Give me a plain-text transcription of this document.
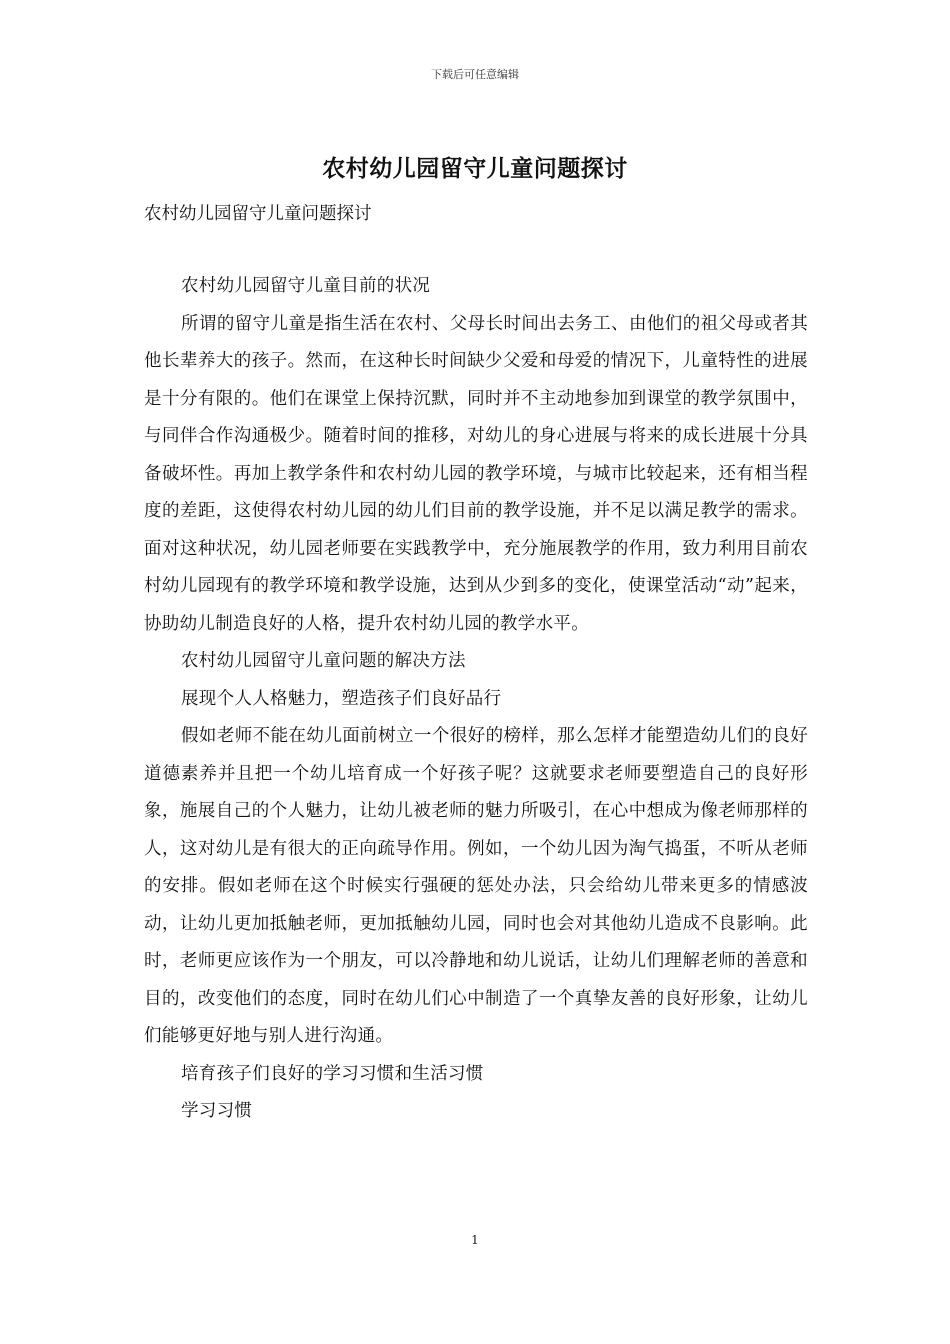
下载后可任意编辑
农村幼儿园留守儿童问题探讨

农村幼儿园留守儿童问题探讨

农村幼儿园留守儿童目前的状况

所谓的留守儿童是指生活在农村、父母长时间出去务工、由他们的祖父母或者其他长辈养大的孩子。然而，在这种长时间缺少父爱和母爱的情况下，儿童特性的进展是十分有限的。他们在课堂上保持沉默，同时并不主动地参加到课堂的教学氛围中，与同伴合作沟通极少。随着时间的推移，对幼儿的身心进展与将来的成长进展十分具备破坏性。再加上教学条件和农村幼儿园的教学环境，与城市比较起来，还有相当程度的差距，这使得农村幼儿园的幼儿们目前的教学设施，并不足以满足教学的需求。面对这种状况，幼儿园老师要在实践教学中，充分施展教学的作用，致力利用目前农村幼儿园现有的教学环境和教学设施，达到从少到多的变化，使课堂活动“动”起来，协助幼儿制造良好的人格，提升农村幼儿园的教学水平。

农村幼儿园留守儿童问题的解决方法

展现个人人格魅力，塑造孩子们良好品行

假如老师不能在幼儿面前树立一个很好的榜样，那么怎样才能塑造幼儿们的良好道德素养并且把一个幼儿培育成一个好孩子呢？这就要求老师要塑造自己的良好形象，施展自己的个人魅力，让幼儿被老师的魅力所吸引，在心中想成为像老师那样的人，这对幼儿是有很大的正向疏导作用。例如，一个幼儿因为淘气捣蛋，不听从老师的安排。假如老师在这个时候实行强硬的惩处办法，只会给幼儿带来更多的情感波动，让幼儿更加抵触老师，更加抵触幼儿园，同时也会对其他幼儿造成不良影响。此时，老师更应该作为一个朋友，可以冷静地和幼儿说话，让幼儿们理解老师的善意和目的，改变他们的态度，同时在幼儿们心中制造了一个真挚友善的良好形象，让幼儿们能够更好地与别人进行沟通。

培育孩子们良好的学习习惯和生活习惯

学习习惯

1
